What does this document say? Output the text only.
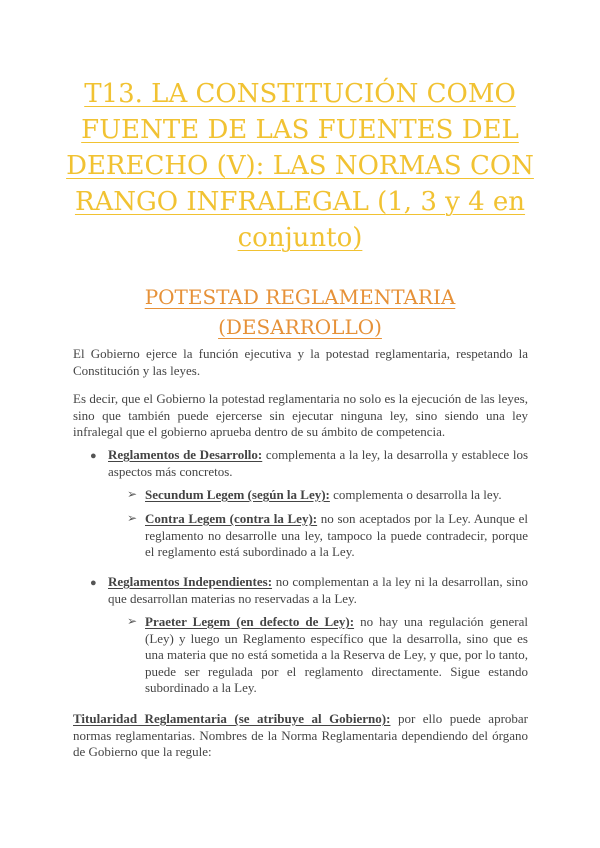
T13. LA CONSTITUCIÓN COMO FUENTE DE LAS FUENTES DEL DERECHO (V): LAS NORMAS CON RANGO INFRALEGAL (1, 3 y 4 en conjunto)
POTESTAD REGLAMENTARIA (DESARROLLO)

El Gobierno ejerce la función ejecutiva y la potestad reglamentaria, respetando la Constitución y las leyes.

Es decir, que el Gobierno la potestad reglamentaria no solo es la ejecución de las leyes, sino que también puede ejercerse sin ejecutar ninguna ley, sino siendo una ley infralegal que el gobierno aprueba dentro de su ámbito de competencia.

● Reglamentos de Desarrollo: complementa a la ley, la desarrolla y establece los aspectos más concretos.

➢ Secundum Legem (según la Ley): complementa o desarrolla la ley.

➢ Contra Legem (contra la Ley): no son aceptados por la Ley. Aunque el reglamento no desarrolle una ley, tampoco la puede contradecir, porque el reglamento está subordinado a la Ley.

● Reglamentos Independientes: no complementan a la ley ni la desarrollan, sino que desarrollan materias no reservadas a la Ley.

➢ Praeter Legem (en defecto de Ley): no hay una regulación general (Ley) y luego un Reglamento específico que la desarrolla, sino que es una materia que no está sometida a la Reserva de Ley, y que, por lo tanto, puede ser regulada por el reglamento directamente. Sigue estando subordinado a la Ley.

Titularidad Reglamentaria (se atribuye al Gobierno): por ello puede aprobar normas reglamentarias. Nombres de la Norma Reglamentaria dependiendo del órgano de Gobierno que la regule:
